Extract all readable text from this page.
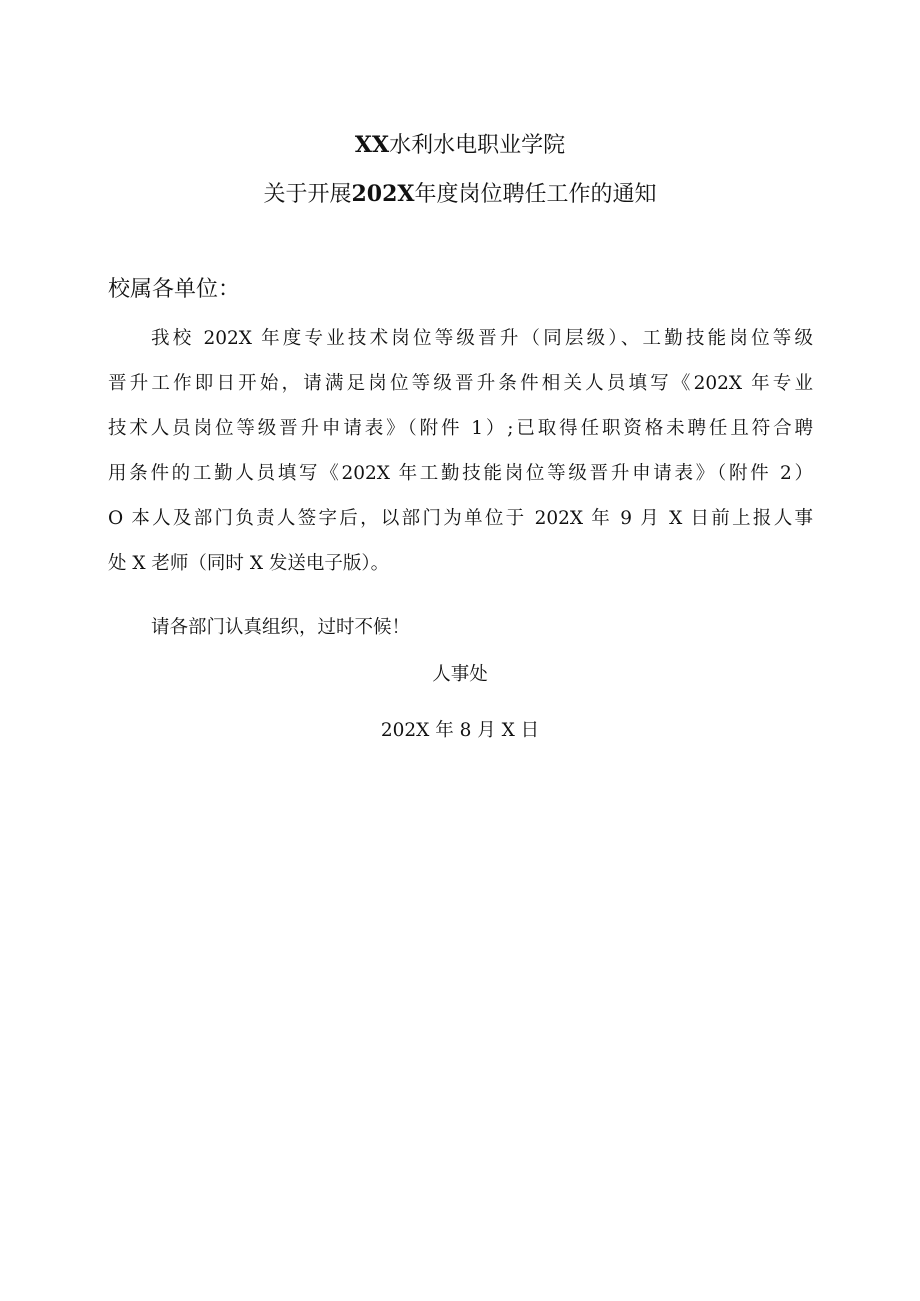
XX水利水电职业学院
关于开展202X年度岗位聘任工作的通知
校属各单位：
我校 202X 年度专业技术岗位等级晋升（同层级）、工勤技能岗位等级
晋升工作即日开始，请满足岗位等级晋升条件相关人员填写《202X 年专业
技术人员岗位等级晋升申请表》（附件 1）;已取得任职资格未聘任且符合聘
用条件的工勤人员填写《202X 年工勤技能岗位等级晋升申请表》（附件 2）
O 本人及部门负责人签字后，以部门为单位于 202X 年 9 月 X 日前上报人事
处 X 老师（同时 X 发送电子版）。
请各部门认真组织，过时不候！
人事处
202X 年 8 月 X 日
